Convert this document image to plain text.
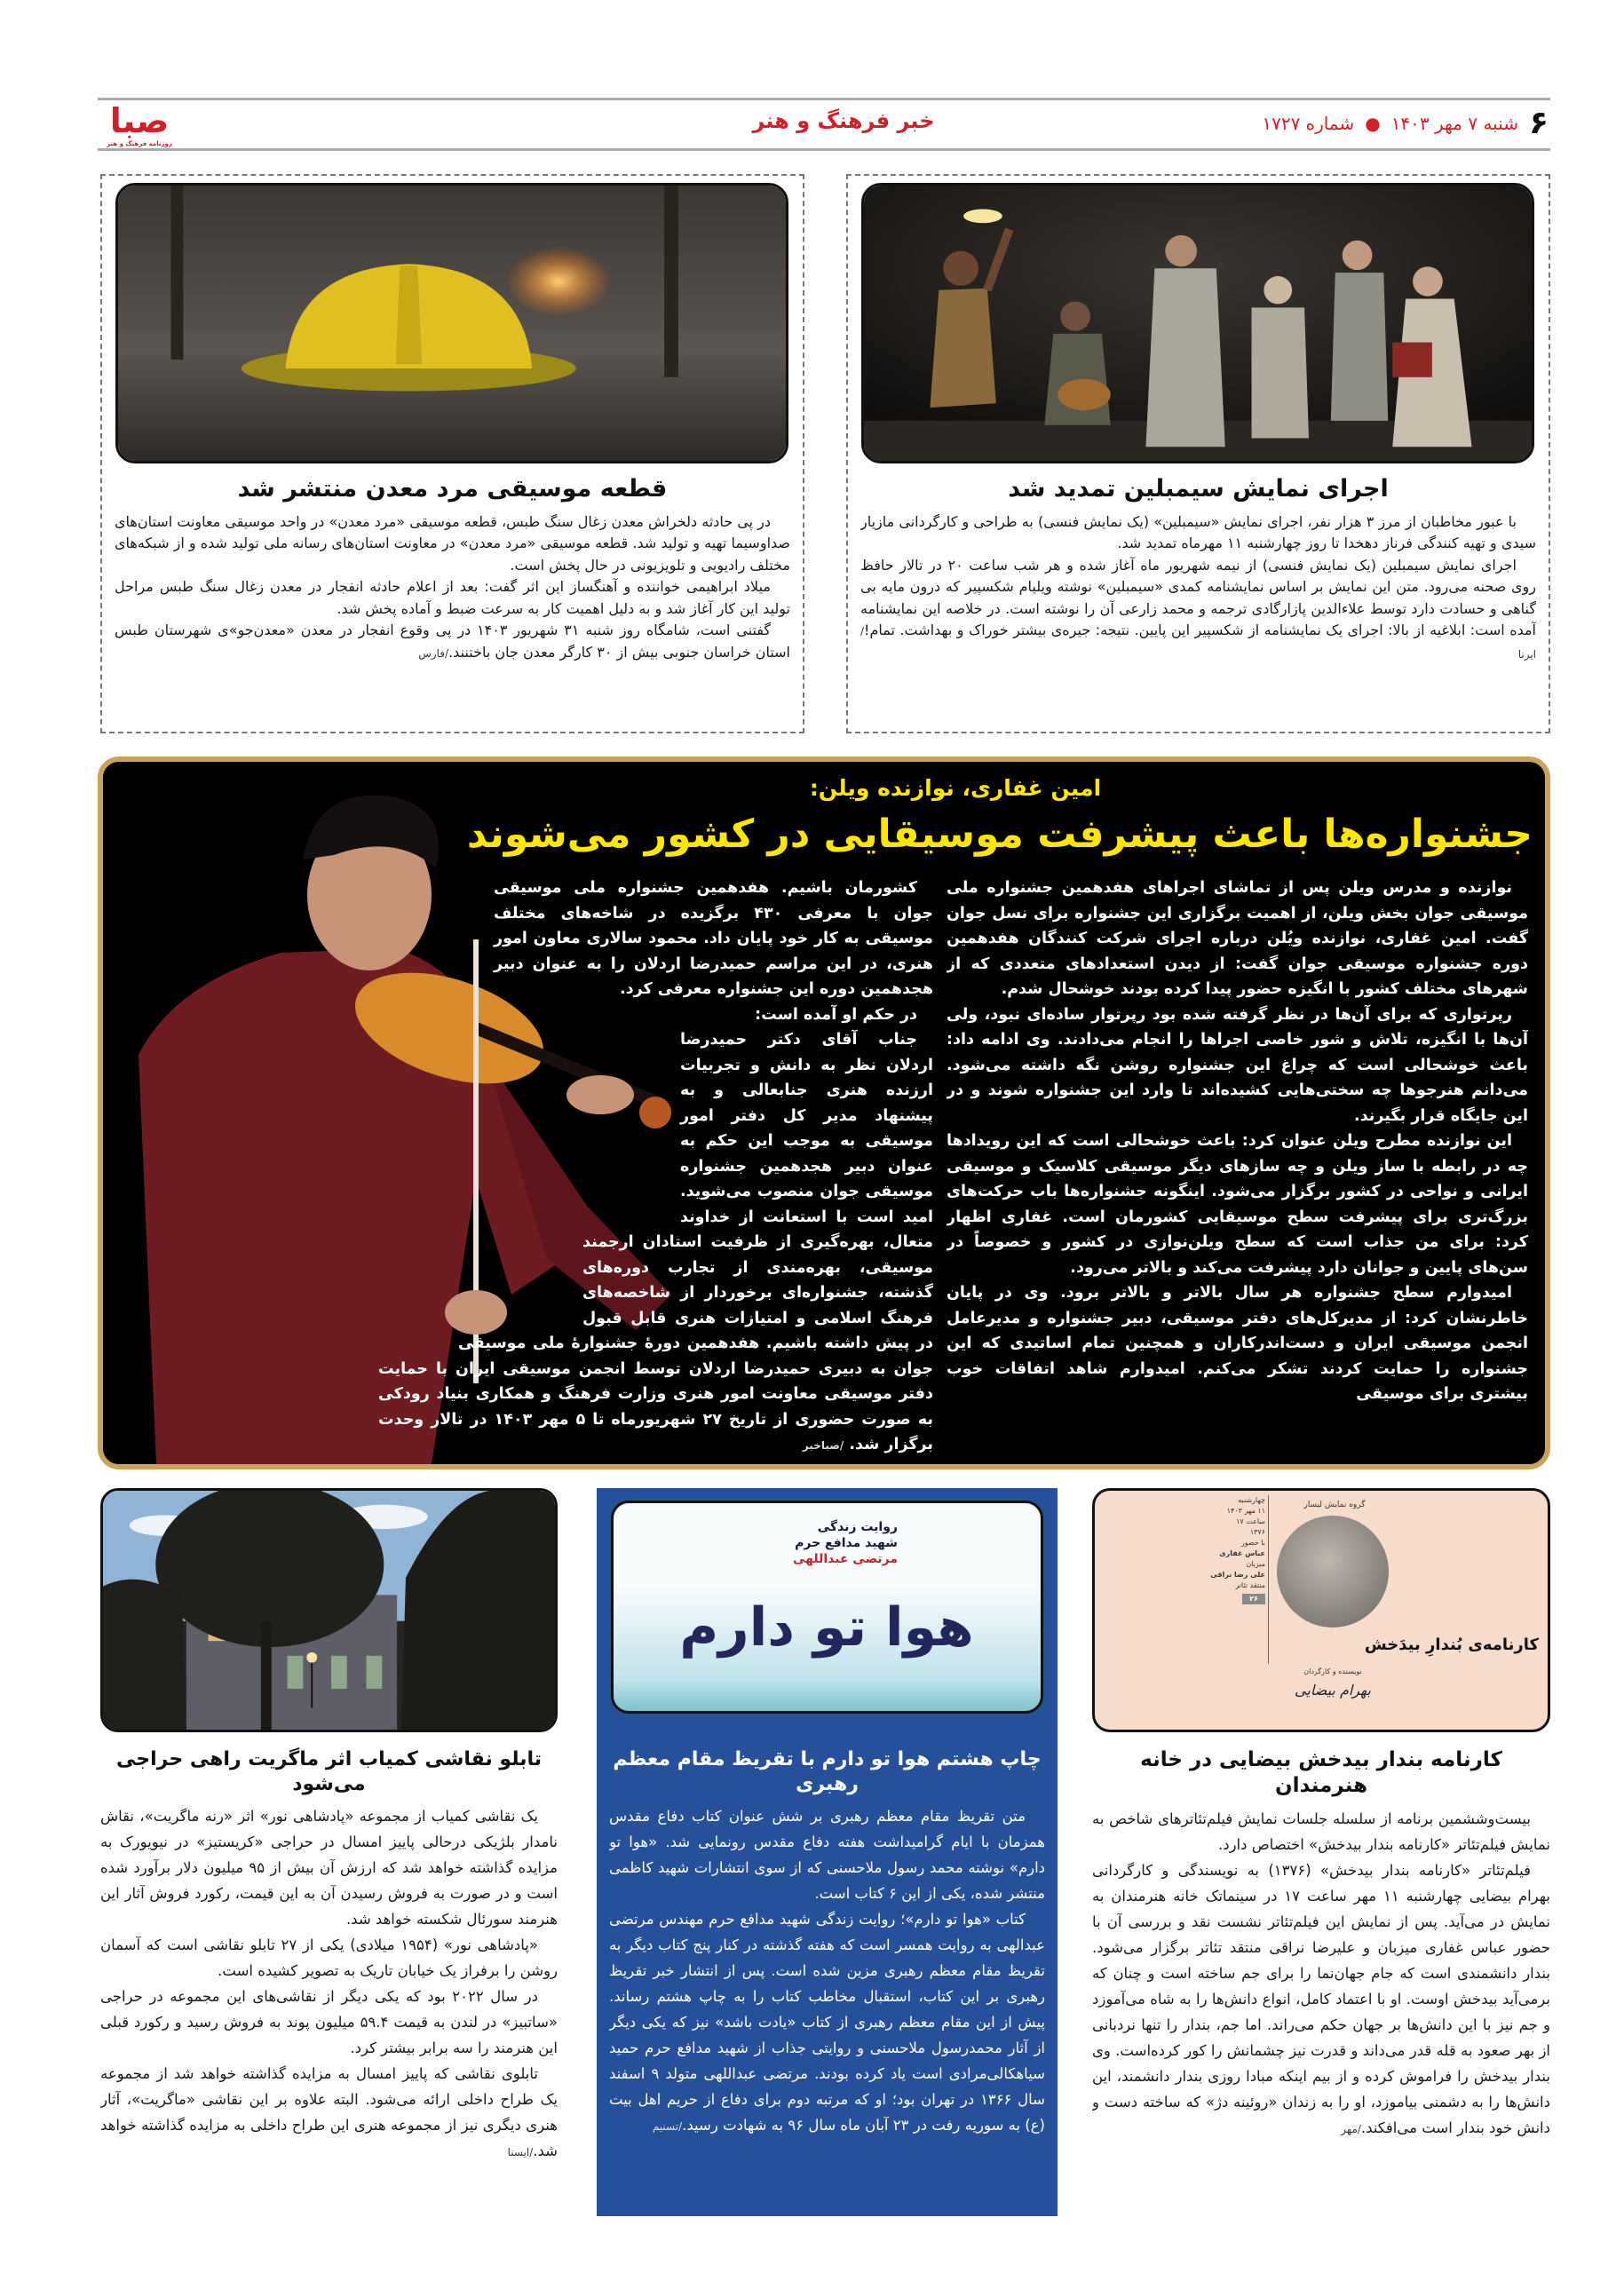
صبا
روزنامه فرهنگ و هنر
خبر فرهنگ و هنر	۶
شنبه ۷ مهر ۱۴۰۳
●
شماره ۱۷۲۷
اجرای نمایش سیمبلین تمدید شد

با عبور مخاطبان از مرز ۳ هزار نفر، اجرای نمایش «سیمبلین» (یک نمایش فنسی) به طراحی و کارگردانی مازیار سیدی و تهیه کنندگی فرناز دهخدا تا روز چهارشنبه ۱۱ مهرماه تمدید شد.

اجرای نمایش سیمبلین (یک نمایش فنسی) از نیمه شهریور ماه آغاز شده و هر شب ساعت ۲۰ در تالار حافظ روی صحنه می‌رود. متن این نمایش بر اساس نمایشنامه کمدی «سیمبلین» نوشته ویلیام شکسپیر که درون مایه بی گناهی و حسادت دارد توسط علاءالدین پازارگادی ترجمه و محمد زارعی آن را نوشته است. در خلاصه این نمایشنامه آمده است: ابلاغیه از بالا: اجرای یک نمایشنامه از شکسپیر این پایین. نتیجه: جیره‌ی بیشتر خوراک و بهداشت. تمام!/ایرنا

قطعه موسیقی مرد معدن منتشر شد

در پی حادثه دلخراش معدن زغال سنگ طبس، قطعه موسیقی «مرد معدن» در واحد موسیقی معاونت استان‌های صداوسیما تهیه و تولید شد. قطعه موسیقی «مرد معدن» در معاونت استان‌های رسانه ملی تولید شده و از شبکه‌های مختلف رادیویی و تلویزیونی در حال پخش است.

میلاد ابراهیمی خواننده و آهنگساز این اثر گفت: بعد از اعلام حادثه انفجار در معدن زغال سنگ طبس مراحل تولید این کار آغاز شد و به دلیل اهمیت کار به سرعت ضبط و آماده پخش شد.

گفتنی است، شامگاه روز شنبه ۳۱ شهریور ۱۴۰۳ در پی وقوع انفجار در معدن «معدن‌جو»ی شهرستان طبس استان خراسان جنوبی بیش از ۳۰ کارگر معدن جان باختنند./فارس

امین غفاری، نوازنده ویلن:
جشنواره‌ها باعث پیشرفت موسیقایی در کشور می‌شوند

نوازنده و مدرس ویلن پس از تماشای اجراهای هفدهمین جشنواره ملی موسیقی جوان بخش ویلن، از اهمیت برگزاری این جشنواره برای نسل جوان گفت. امین غفاری، نوازنده ویُلن درباره اجرای شرکت کنندگان هفدهمین دوره جشنواره موسیقی جوان گفت: از دیدن استعدادهای متعددی که از شهرهای مختلف کشور با انگیزه حضور پیدا کرده بودند خوشحال شدم.

رپرتواری که برای آن‌ها در نظر گرفته شده بود رپرتوار ساده‌ای نبود، ولی آن‌ها با انگیزه، تلاش و شور خاصی اجراها را انجام می‌دادند. وی ادامه داد: باعث خوشحالی است که چراغ این جشنواره روشن نگه داشته می‌شود. می‌دانم هنرجوها چه سختی‌هایی کشیده‌اند تا وارد این جشنواره شوند و در این جایگاه قرار بگیرند.

این نوازنده مطرح ویلن عنوان کرد: باعث خوشحالی است که این رویدادها چه در رابطه با ساز ویلن و چه سازهای دیگر موسیقی کلاسیک و موسیقی ایرانی و نواحی در کشور برگزار می‌شود. اینگونه جشنواره‌ها باب حرکت‌های بزرگ‌تری برای پیشرفت سطح موسیقایی کشورمان است. غفاری اظهار کرد: برای من جذاب است که سطح ویلن‌نوازی در کشور و خصوصاً در سن‌های پایین و جوانان دارد پیشرفت می‌کند و بالاتر می‌رود.

امیدوارم سطح جشنواره هر سال بالاتر و بالاتر برود. وی در پایان خاطرنشان کرد: از مدیرکل‌های دفتر موسیقی، دبیر جشنواره و مدیرعامل انجمن موسیقی ایران و دست‌اندرکاران و همچنین تمام اساتیدی که این جشنواره را حمایت کردند تشکر می‌کنم. امیدوارم شاهد اتفاقات خوب بیشتری برای موسیقی

کشورمان باشیم. هفدهمین جشنواره ملی موسیقی جوان با معرفی ۴۳۰ برگزیده در شاخه‌های مختلف موسیقی به کار خود پایان داد. محمود سالاری معاون امور هنری، در این مراسم حمیدرضا اردلان را به عنوان دبیر هجدهمین دوره این جشنواره معرفی کرد.

در حکم او آمده است:

جناب آقای دکتر حمیدرضا اردلان نظر به دانش و تجربیات ارزنده هنری جنابعالی و به پیشنهاد مدیر کل دفتر امور موسیقی به موجب این حکم به عنوان دبیر هجدهمین جشنواره موسیقی جوان منصوب می‌شوید. امید است با استعانت از خداوند متعال، بهره‌گیری از ظرفیت استادان ارجمند موسیقی، بهره‌مندی از تجارب دوره‌های گذشته، جشنواره‌ای برخوردار از شاخصه‌های فرهنگ اسلامی و امتیازات هنری قابل قبول در پیش داشته باشیم. هفدهمین دورهٔ جشنوارهٔ ملی موسیقی جوان به دبیری حمیدرضا اردلان توسط انجمن موسیقی ایران با حمایت دفتر موسیقی معاونت امور هنری وزارت فرهنگ و همکاری بنیاد رودکی به صورت حضوری از تاریخ ۲۷ شهریورماه تا ۵ مهر ۱۴۰۳ در تالار وحدت برگزار شد. /صباخبر

چهارشنبه
۱۱ مهر ۱۴۰۳
ساعت ۱۷
۱۳۷۶
با حضور
عباس غفاری
میزبان
علی رضا نراقی
منتقد تئاتر
۲۶
گروه نمایش لیسار
کارنامه‌ی بُندارِ بیدَخش
نویسنده و کارگردان
بهرام بیضایی
کارنامه بندار بیدخش بیضایی در خانه هنرمندان

بیست‌وششمین برنامه از سلسله جلسات نمایش فیلم‌تئاترهای شاخص به نمایش فیلم‌تئاتر «کارنامه بندار بیدخش» اختصاص دارد.

فیلم‌تئاتر «کارنامه بندار بیدخش» (۱۳۷۶) به نویسندگی و کارگردانی بهرام بیضایی چهارشنبه ۱۱ مهر ساعت ۱۷ در سینماتک خانه هنرمندان به نمایش در می‌آید. پس از نمایش این فیلم‌تئاتر نشست نقد و بررسی آن با حضور عباس غفاری میزبان و علیرضا نراقی منتقد تئاتر برگزار می‌شود. بندار دانشمندی است که جام جهان‌نما را برای جم ساخته است و چنان که برمی‌آید بیدخش اوست. او با اعتماد کامل، انواع دانش‌ها را به شاه می‌آموزد و جم نیز با این دانش‌ها بر جهان حکم می‌راند. اما جم، بندار را تنها نردبانی از بهر صعود به قله قدر می‌داند و قدرت نیز چشمانش را کور کرده‌است. وی بندار بیدخش را فراموش کرده و از بیم اینکه مبادا روزی بندار دانشمند، این دانش‌ها را به دشمنی بیاموزد، او را به زندان «روئینه دژ» که ساخته دست و دانش خود بندار است می‌افکند./مهر

روایت زندگی
شهید مدافع حرم
مرتضی عبداللهی
هوا تو دارم
چاپ هشتم هوا تو دارم با تقریظ مقام معظم رهبری

متن تقریظ مقام معظم رهبری بر شش عنوان کتاب دفاع مقدس همزمان با ایام گرامیداشت هفته دفاع مقدس رونمایی شد. «هوا تو دارم» نوشته محمد رسول ملاحسنی که از سوی انتشارات شهید کاظمی منتشر شده، یکی از این ۶ کتاب است.

کتاب «هوا تو دارم»؛ روایت زندگی شهید مدافع حرم مهندس مرتضی عبدالهی به روایت همسر است که هفته گذشته در کنار پنج کتاب دیگر به تقریظ مقام معظم رهبری مزین شده است. پس از انتشار خبر تقریظ رهبری بر این کتاب، استقبال مخاطب کتاب را به چاپ هشتم رساند. پیش از این مقام معظم رهبری از کتاب «یادت باشد» نیز که یکی دیگر از آثار محمدرسول ملاحسنی و روایتی جذاب از شهید مدافع حرم حمید سیاهکالی‌مرادی است یاد کرده بودند. مرتضی عبداللهی متولد ۹ اسفند سال ۱۳۶۶ در تهران بود؛ او که مرتبه دوم برای دفاع از حریم اهل بیت (ع) به سوریه رفت در ۲۳ آبان ماه سال ۹۶ به شهادت رسید./تسنیم

تابلو نقاشی کمیاب اثر ماگریت راهی حراجی می‌شود

یک نقاشی کمیاب از مجموعه «پادشاهی نور» اثر «رنه ماگریت»، نقاش نامدار بلژیکی درحالی پاییز امسال در حراجی «کریستیز» در نیویورک به مزایده گذاشته خواهد شد که ارزش آن بیش از ۹۵ میلیون دلار برآورد شده است و در صورت به فروش رسیدن آن به این قیمت، رکورد فروش آثار این هنرمند سورئال شکسته خواهد شد.

«پادشاهی نور» (۱۹۵۴ میلادی) یکی از ۲۷ تابلو نقاشی است که آسمان روشن را برفراز یک خیابان تاریک به تصویر کشیده است.

در سال ۲۰۲۲ بود که یکی دیگر از نقاشی‌های این مجموعه در حراجی «ساتبیز» در لندن به قیمت ۵۹.۴ میلیون پوند به فروش رسید و رکورد قبلی این هنرمند را سه برابر بیشتر کرد.

تابلوی نقاشی که پاییز امسال به مزایده گذاشته خواهد شد از مجموعه یک طراح داخلی ارائه می‌شود. البته علاوه بر این نقاشی «ماگریت»، آثار هنری دیگری نیز از مجموعه هنری این طراح داخلی به مزایده گذاشته خواهد شد./ایسنا
